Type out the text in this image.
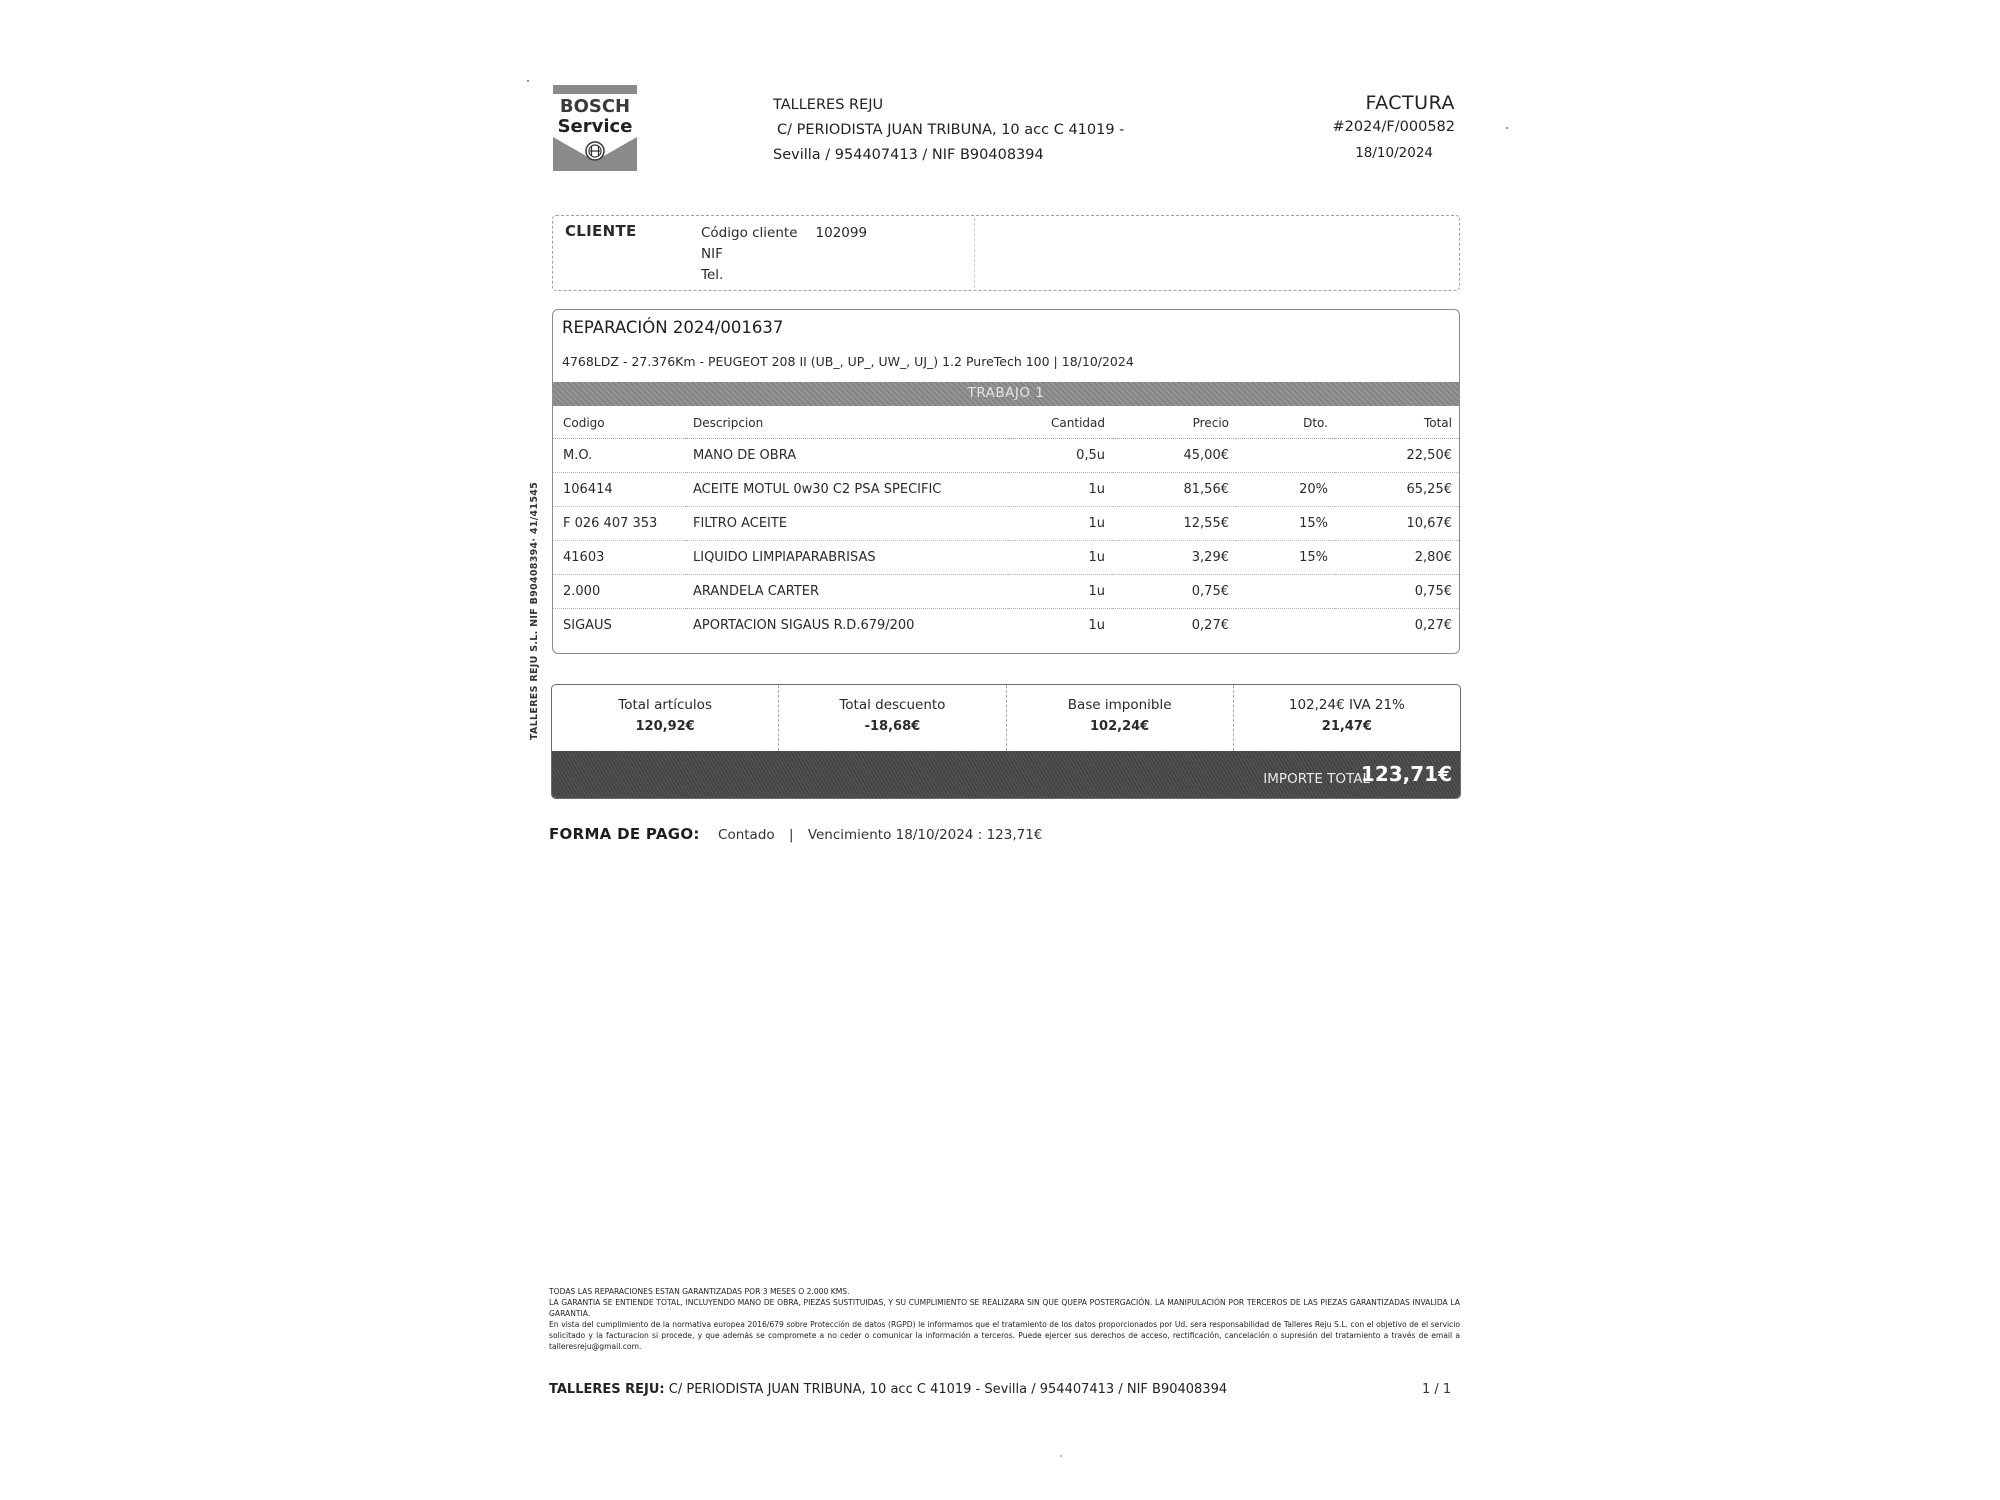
BOSCH
Service
TALLERES REJU
C/ PERIODISTA JUAN TRIBUNA, 10 acc C 41019 -
Sevilla / 954407413 / NIF B90408394
FACTURA
#2024/F/000582
18/10/2024
CLIENTE	Código cliente 102099
NIF
Tel.
REPARACIÓN 2024/001637
4768LDZ - 27.376Km - PEUGEOT 208 II (UB_, UP_, UW_, UJ_) 1.2 PureTech 100 | 18/10/2024
TRABAJO 1
Codigo	Descripcion	Cantidad	Precio	Dto.	Total
M.O.	MANO DE OBRA	0,5u	45,00€		22,50€
106414	ACEITE MOTUL 0w30 C2 PSA SPECIFIC	1u	81,56€	20%	65,25€
F 026 407 353	FILTRO ACEITE	1u	12,55€	15%	10,67€
41603	LIQUIDO LIMPIAPARABRISAS	1u	3,29€	15%	2,80€
2.000	ARANDELA CARTER	1u	0,75€		0,75€
SIGAUS	APORTACION SIGAUS R.D.679/200	1u	0,27€		0,27€
TALLERES REJU S.L. NIF B90408394· 41/41545	Total artículos
120,92€
Total descuento
-18,68€
Base imponible
102,24€
102,24€ IVA 21%
21,47€
IMPORTE TOTAL
123,71€
FORMA DE PAGO: Contado | Vencimiento 18/10/2024 : 123,71€
TODAS LAS REPARACIONES ESTAN GARANTIZADAS POR 3 MESES O 2.000 KMS.
LA GARANTIA SE ENTIENDE TOTAL, INCLUYENDO MANO DE OBRA, PIEZAS SUSTITUIDAS, Y SU CUMPLIMIENTO SE REALIZARA SIN QUE QUEPA POSTERGACIÓN. LA MANIPULACIÓN POR TERCEROS DE LAS PIEZAS GARANTIZADAS INVALIDA LA GARANTIA.
En vista del cumplimiento de la normativa europea 2016/679 sobre Protección de datos (RGPD) le informamos que el tratamiento de los datos proporcionados por Ud. sera responsabilidad de Talleres Reju S.L. con el objetivo de el servicio solicitado y la facturacion si procede, y que además se compromete a no ceder o comunicar la información a terceros. Puede ejercer sus derechos de acceso, rectificación, cancelación o supresión del tratamiento a través de email a talleresreju@gmail.com.
TALLERES REJU: C/ PERIODISTA JUAN TRIBUNA, 10 acc C 41019 - Sevilla / 954407413 / NIF B90408394	1 / 1
